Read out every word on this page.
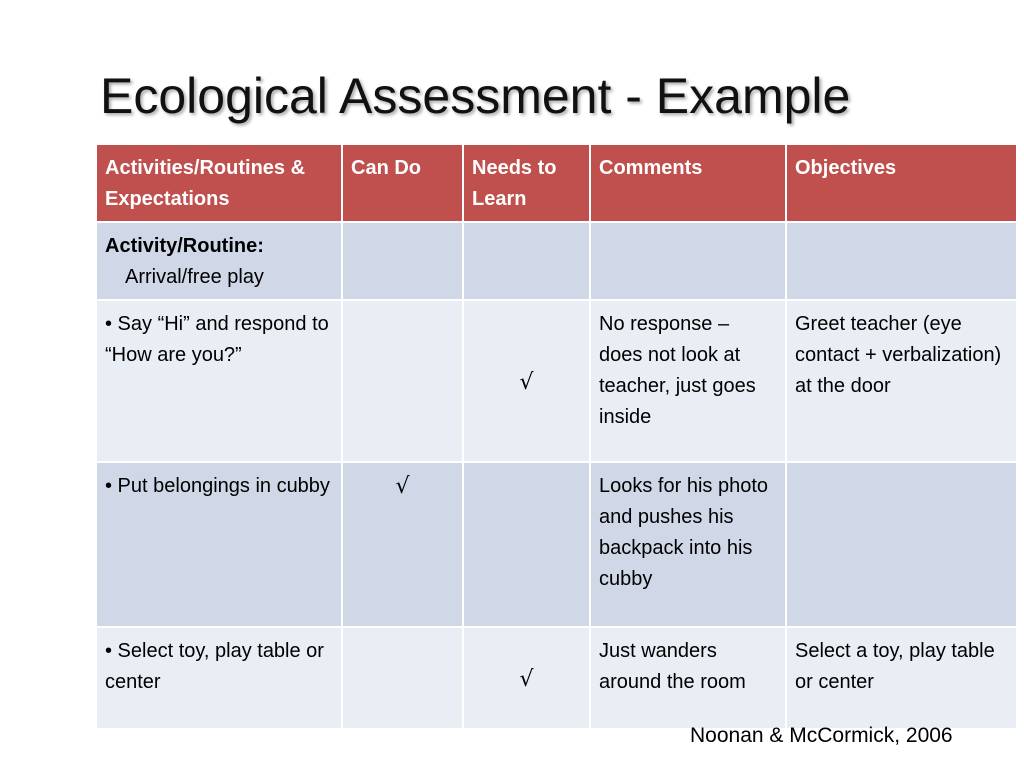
Ecological Assessment - Example
Activities/Routines & Expectations	Can Do	Needs to Learn	Comments	Objectives

Activity/Routine:
Arrival/free play				

• Say “Hi” and respond to “How are you?”		√	No response – does not look at teacher, just goes inside	Greet teacher (eye contact + verbalization) at the door
• Put belongings in cubby	√		Looks for his photo and pushes his backpack into his cubby	
• Select toy, play table or center		√	Just wanders around the room	Select a toy, play table or center
Noonan & McCormick, 2006
